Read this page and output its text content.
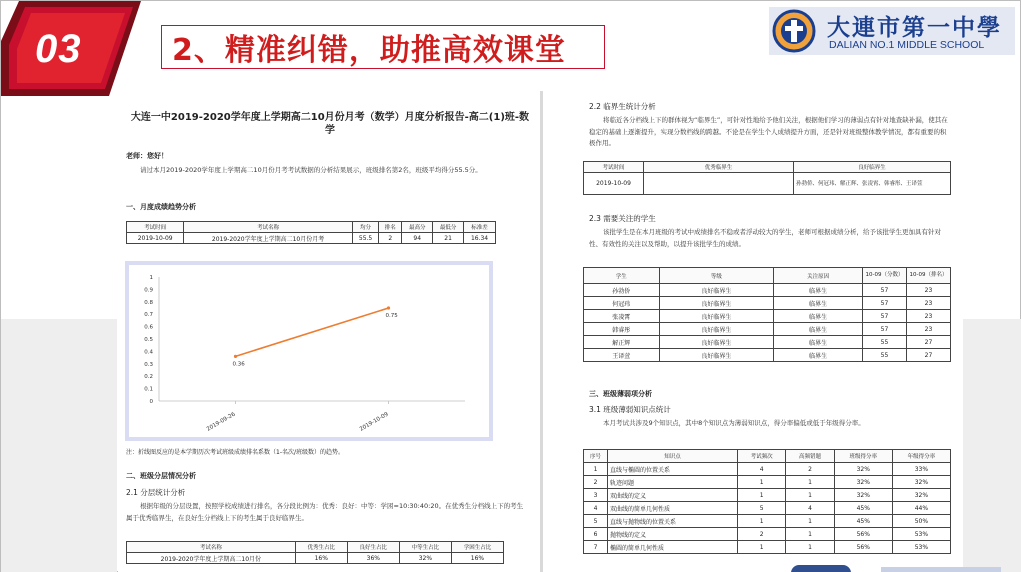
03	2、精准纠错，助推高效课堂
大連市第一中學
DALIAN NO.1 MIDDLE SCHOOL
大连一中2019-2020学年度上学期高二10月份月考（数学）月度分析报告-高二(1)班-数学
老师：您好！
请过本月2019-2020学年度上学期高二10月份月考考试数据的分析结果展示，班级排名第2名，班级平均得分55.5分。
一、月度成绩趋势分析
考试时间	考试名称	均分	排名	最高分	最低分	标准差
2019-10-09	2019-2020学年度上学期高二10月份月考	55.5	2	94	21	16.34
0
0.1
0.2
0.3
0.4
0.5
0.6
0.7
0.8
0.9
1
2019-09-26	2019-10-09
0.36
0.75
注：折线图反应的是本学期历次考试班级成绩排名系数（1-名次/班级数）的趋势。
二、班级分层情况分析
2.1 分层统计分析
根据年级的分层设置，按照学校成绩进行排名，各分段比例为：优秀：良好：中等：学困=10:30:40:20。在优秀生分档线上下的考生属于优秀临界生，在良好生分档线上下的考生属于良好临界生。
考试名称	优秀生占比	良好生占比	中等生占比	学困生占比
2019-2020学年度上学期高二10月份	16%	36%	32%	16%
2.2 临界生统计分析
将临近各分档线上下的群体视为“临界生”，可针对性地给予他们关注，根据他们学习的薄弱点有针对地查缺补漏，使其在稳定的基础上逐渐提升，实现分数档线的跨越。不论是在学生个人成绩提升方面，还是针对班级整体教学情况，都有重要的积极作用。
考试时间	优秀临界生	良好临界生
2019-10-09		孙勃侨、何冠玮、解正辉、张凌霄、韩睿彤、王译萱
2.3 需要关注的学生
该批学生是在本月班级的考试中成绩排名不稳或者浮动较大的学生，老师可根据成绩分析，给予该批学生更加具有针对性、有效性的关注以及帮助，以提升该批学生的成绩。
学生	等级	关注原因	10-09（分数）	10-09（排名）
孙勃侨	良好临界生	临界生	57	23
何冠玮	良好临界生	临界生	57	23
张凌霄	良好临界生	临界生	57	23
韩睿彤	良好临界生	临界生	57	23
解正辉	良好临界生	临界生	55	27
王译萱	良好临界生	临界生	55	27
三、班级薄弱项分析
3.1 班级薄弱知识点统计
本月考试共涉及9个知识点，其中8个知识点为薄弱知识点，得分率偏低或低于年级得分率。
序号	知识点	考试频次	高频错题	班级得分率	年级得分率
1	直线与椭圆的位置关系	4	2	32%	33%
2	轨迹问题	1	1	32%	32%
3	双曲线的定义	1	1	32%	32%
4	双曲线的简单几何性质	5	4	45%	44%
5	直线与抛物线的位置关系	1	1	45%	50%
6	抛物线的定义	2	1	56%	53%
7	椭圆的简单几何性质	1	1	56%	53%
